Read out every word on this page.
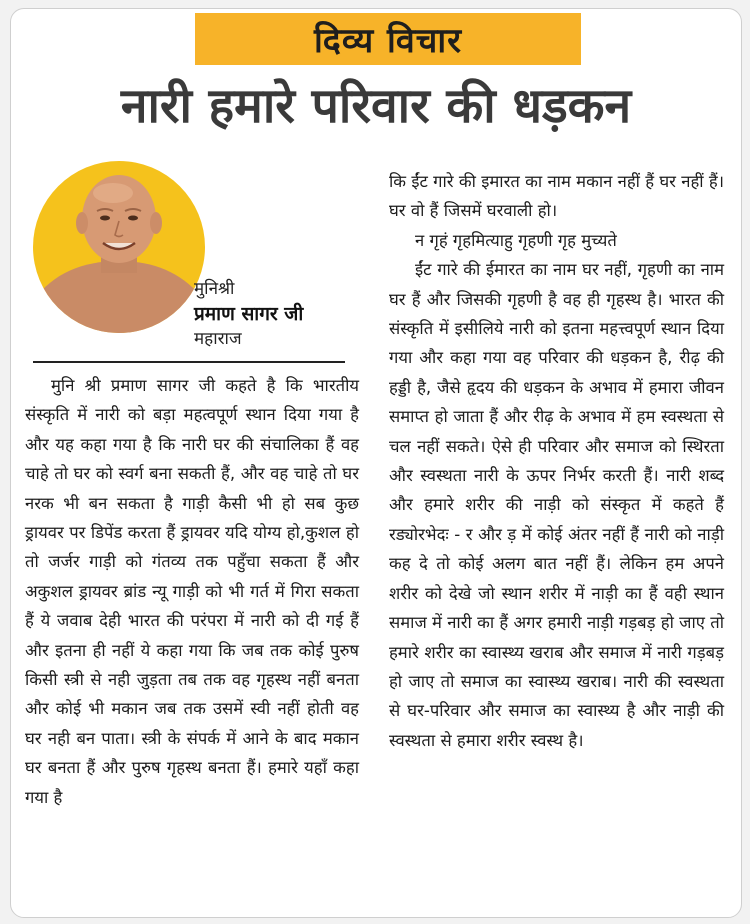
दिव्य विचार
नारी हमारे परिवार की धड़कन
मुनिश्री
प्रमाण सागर जी
महाराज

मुनि श्री प्रमाण सागर जी कहते है कि भारतीय संस्कृति में नारी को बड़ा महत्वपूर्ण स्थान दिया गया है और यह कहा गया है कि नारी घर की संचालिका हैं वह चाहे तो घर को स्वर्ग बना सकती हैं, और वह चाहे तो घर नरक भी बन सकता है गाड़ी कैसी भी हो सब कुछ ड्रायवर पर डिपेंड करता हैं ड्रायवर यदि योग्य हो,कुशल हो तो जर्जर गाड़ी को गंतव्य तक पहुँचा सकता हैं और अकुशल ड्रायवर ब्रांड न्यू गाड़ी को भी गर्त में गिरा सकता हैं ये जवाब देही भारत की परंपरा में नारी को दी गई हैं और इतना ही नहीं ये कहा गया कि जब तक कोई पुरुष किसी स्त्री से नही जुड़ता तब तक वह गृहस्थ नहीं बनता और कोई भी मकान जब तक उसमें स्वी नहीं होती वह घर नही बन पाता। स्त्री के संपर्क में आने के बाद मकान घर बनता हैं और पुरुष गृहस्थ बनता हैं। हमारे यहाँ कहा गया है

कि ईंट गारे की इमारत का नाम मकान नहीं हैं घर नहीं हैं। घर वो हैं जिसमें घरवाली हो।

न गृहं गृहमित्याहु गृहणी गृह मुच्यते

ईंट गारे की ईमारत का नाम घर नहीं, गृहणी का नाम घर हैं और जिसकी गृहणी है वह ही गृहस्थ है। भारत की संस्कृति में इसीलिये नारी को इतना महत्त्वपूर्ण स्थान दिया गया और कहा गया वह परिवार की धड़कन है, रीढ़ की हड्डी है, जैसे हृदय की धड़कन के अभाव में हमारा जीवन समाप्त हो जाता हैं और रीढ़ के अभाव में हम स्वस्थता से चल नहीं सकते। ऐसे ही परिवार और समाज को स्थिरता और स्वस्थता नारी के ऊपर निर्भर करती हैं। नारी शब्द और हमारे शरीर की नाड़ी को संस्कृत में कहते हैं रड्योरभेदः - र और ड़ में कोई अंतर नहीं हैं नारी को नाड़ी कह दे तो कोई अलग बात नहीं हैं। लेकिन हम अपने शरीर को देखे जो स्थान शरीर में नाड़ी का हैं वही स्थान समाज में नारी का हैं अगर हमारी नाड़ी गड़बड़ हो जाए तो हमारे शरीर का स्वास्थ्य खराब और समाज में नारी गड़बड़ हो जाए तो समाज का स्वास्थ्य खराब। नारी की स्वस्थता से घर-परिवार और समाज का स्वास्थ्य है और नाड़ी की स्वस्थता से हमारा शरीर स्वस्थ है।
